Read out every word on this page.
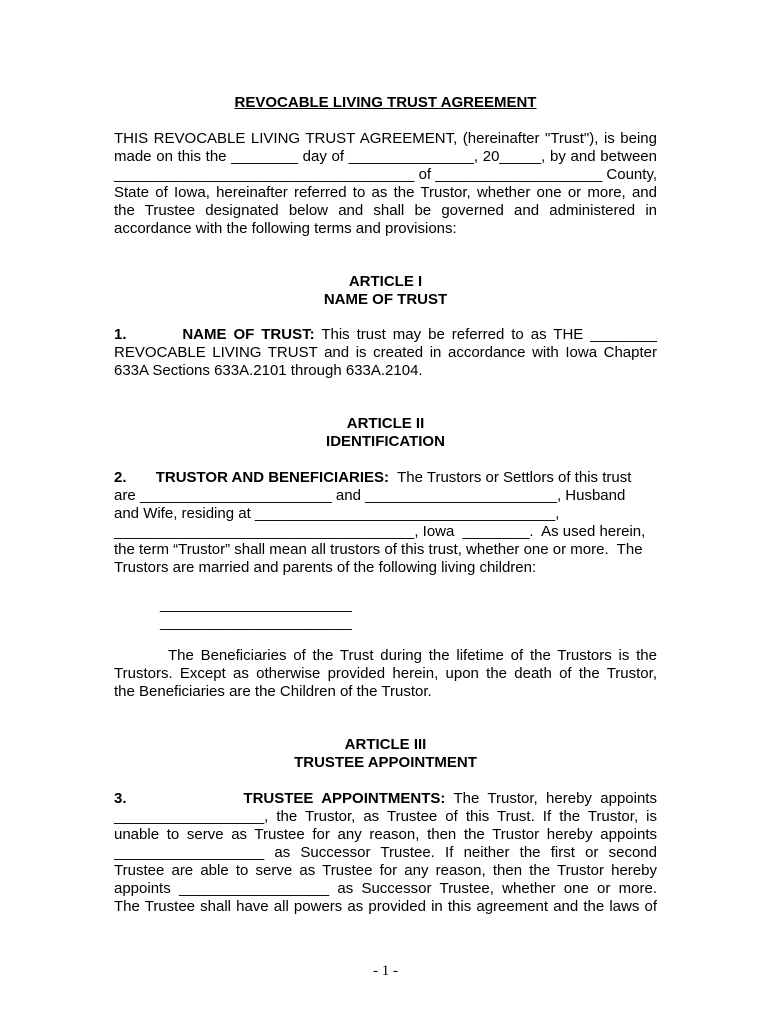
REVOCABLE LIVING TRUST AGREEMENT
THIS REVOCABLE LIVING TRUST AGREEMENT, (hereinafter "Trust"), is being
made on this the ________ day of _______________, 20_____, by and between
____________________________________ of ____________________ County,
State of Iowa, hereinafter referred to as the Trustor, whether one or more, and
the Trustee designated below and shall be governed and administered in
accordance with the following terms and provisions:
ARTICLE I
NAME OF TRUST
1.	NAME OF TRUST: This trust may be referred to as THE ________
REVOCABLE LIVING TRUST and is created in accordance with Iowa Chapter
633A Sections 633A.2101 through 633A.2104.
ARTICLE II
IDENTIFICATION
2. TRUSTOR AND BENEFICIARIES: The Trustors or Settlors of this trust
are _______________________ and _______________________, Husband
and Wife, residing at ____________________________________,
____________________________________, Iowa  ________.  As used herein,
the term “Trustor” shall mean all trustors of this trust, whether one or more.  The
Trustors are married and parents of the following living children:
_______________________
_______________________
The Beneficiaries of the Trust during the lifetime of the Trustors is the
Trustors. Except as otherwise provided herein, upon the death of the Trustor,
the Beneficiaries are the Children of the Trustor.
ARTICLE III
TRUSTEE APPOINTMENT
3.	TRUSTEE APPOINTMENTS: The Trustor, hereby appoints
__________________, the Trustor, as Trustee of this Trust. If the Trustor, is
unable to serve as Trustee for any reason, then the Trustor hereby appoints
__________________ as Successor Trustee. If neither the first or second
Trustee are able to serve as Trustee for any reason, then the Trustor hereby
appoints __________________ as Successor Trustee, whether one or more.
The Trustee shall have all powers as provided in this agreement and the laws of
- 1 -
